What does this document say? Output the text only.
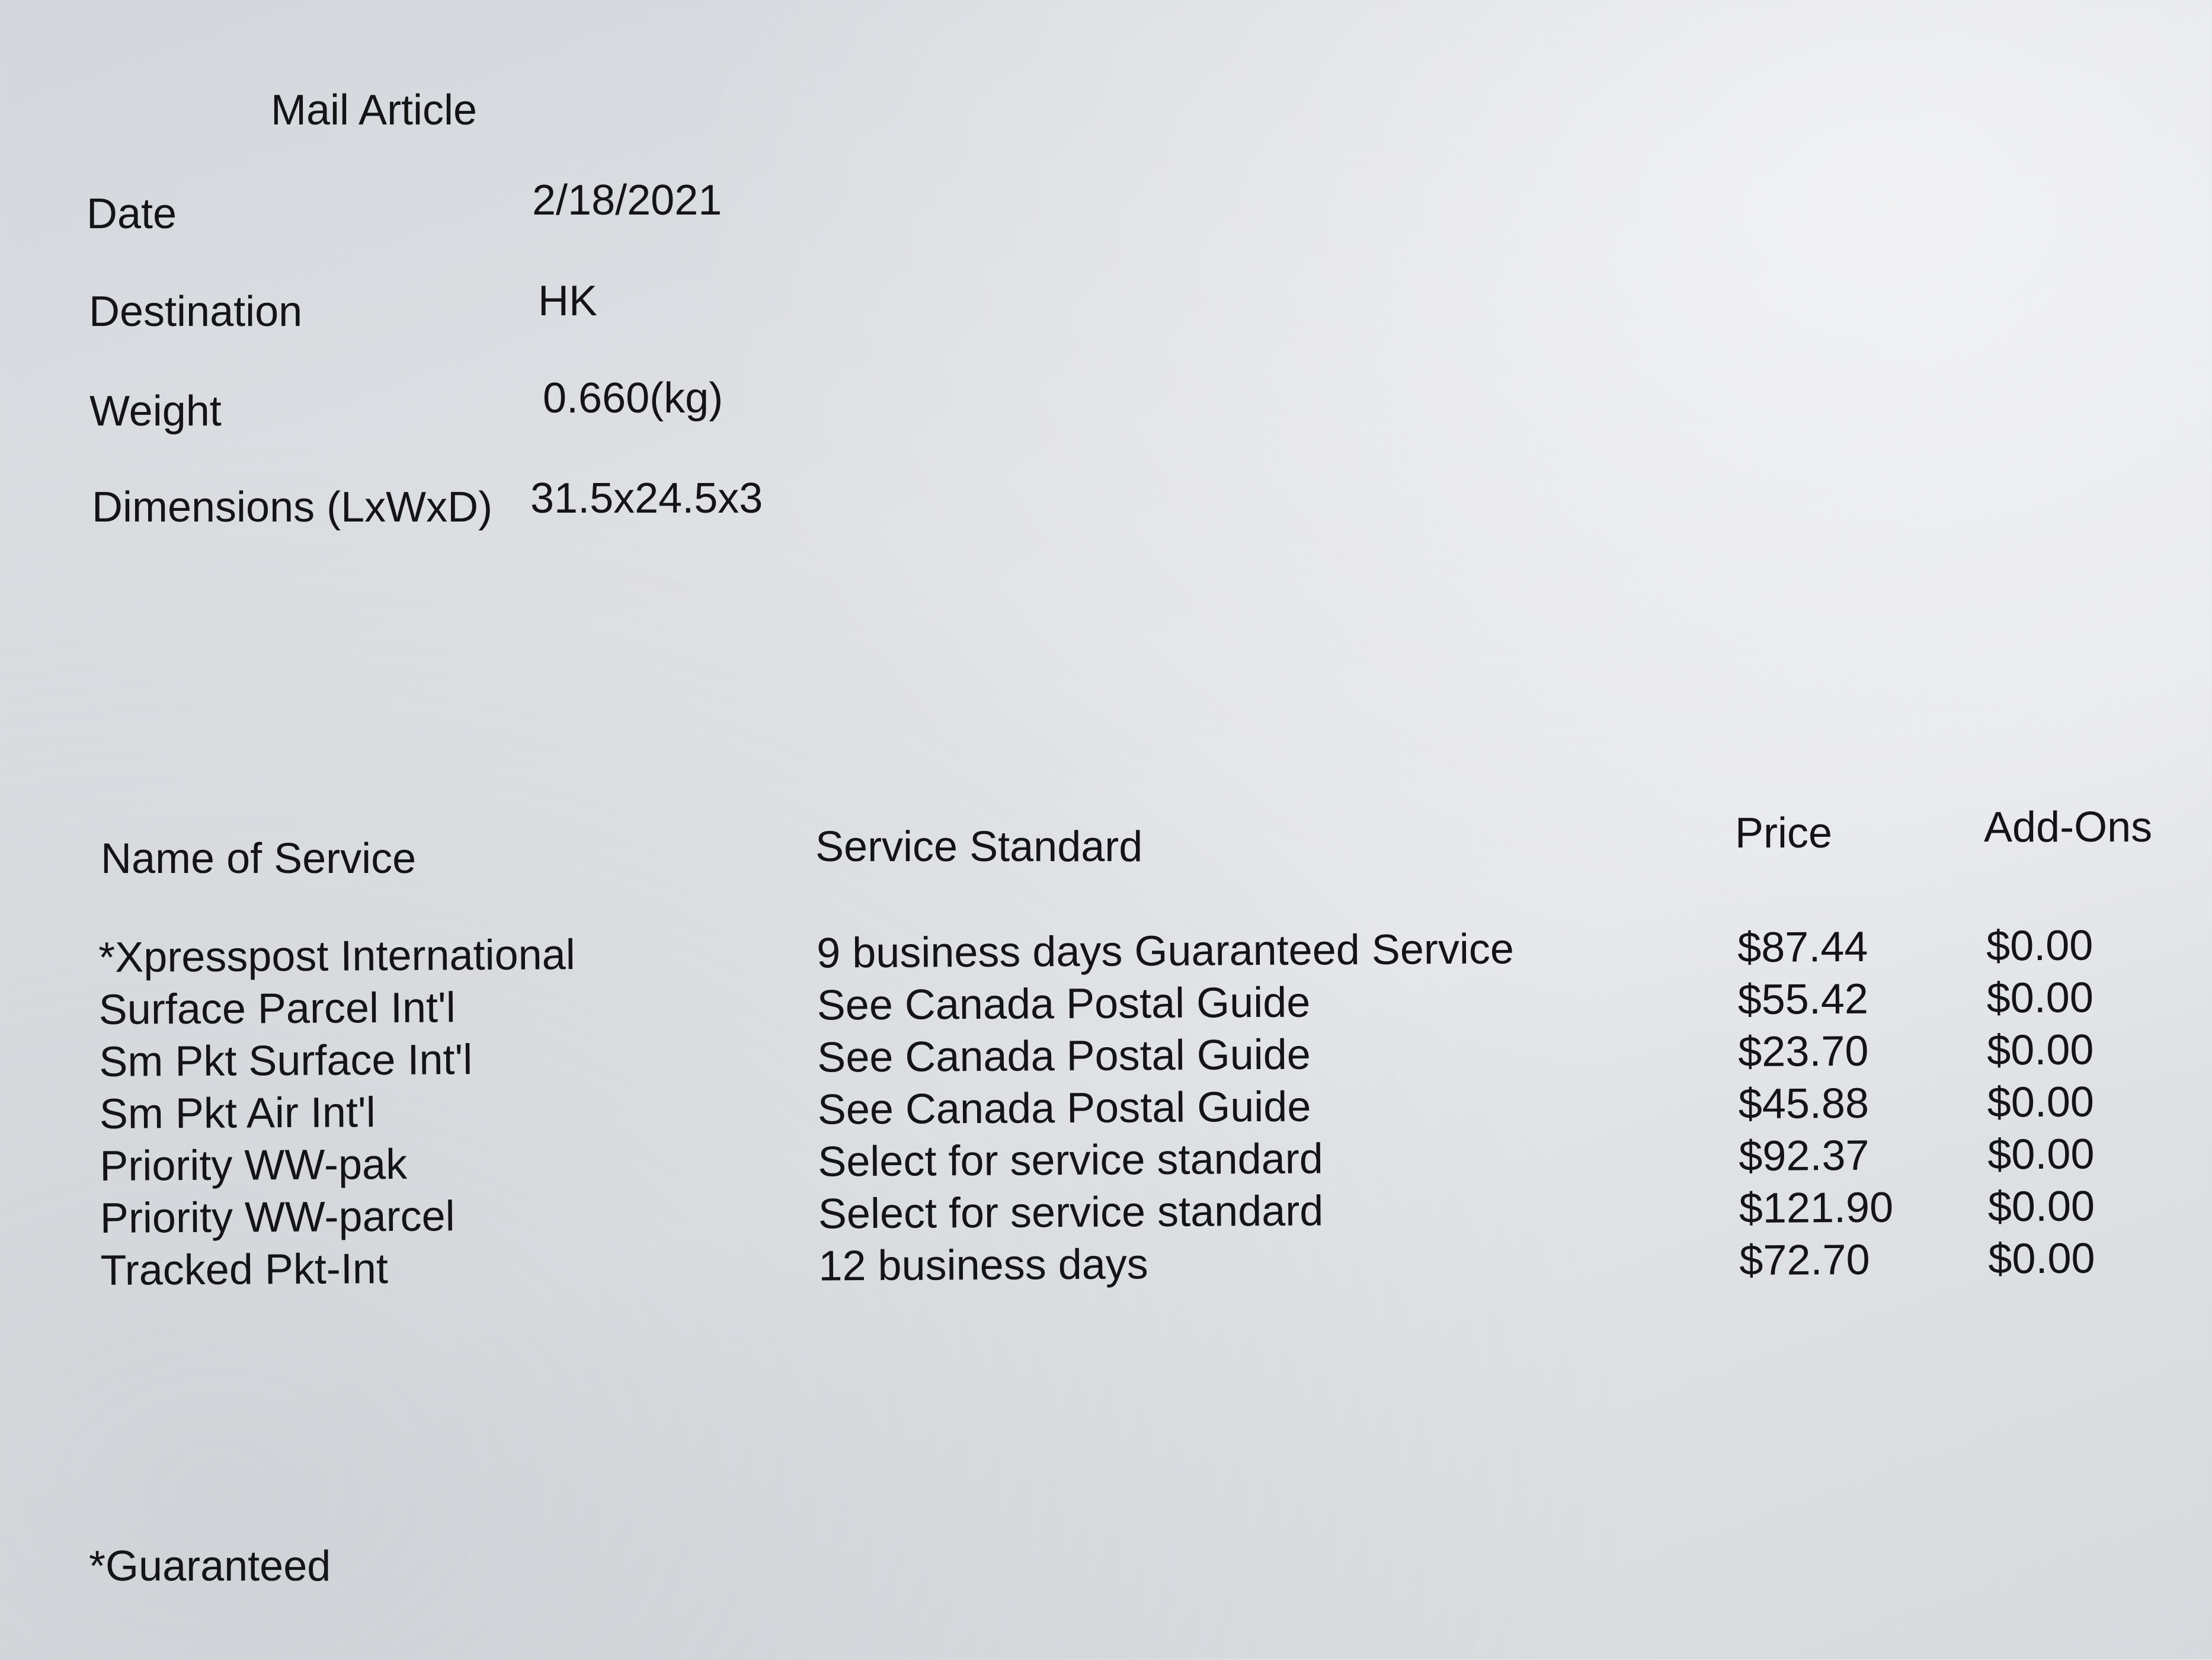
Mail Article
Date	2/18/2021
Destination	HK
Weight	0.660(kg)
Dimensions (LxWxD) 31.5x24.5x3
Name of Service	Service Standard	Price	Add-Ons
*Xpresspost International	9 business days Guaranteed Service	$87.44	$0.00
Surface Parcel Int'l	See Canada Postal Guide	$55.42	$0.00
Sm Pkt Surface Int'l	See Canada Postal Guide	$23.70	$0.00
Sm Pkt Air Int'l	See Canada Postal Guide	$45.88	$0.00
Priority WW-pak	Select for service standard	$92.37	$0.00
Priority WW-parcel	Select for service standard	$121.90 $0.00
Tracked Pkt-Int	12 business days	$72.70	$0.00
*Guaranteed
